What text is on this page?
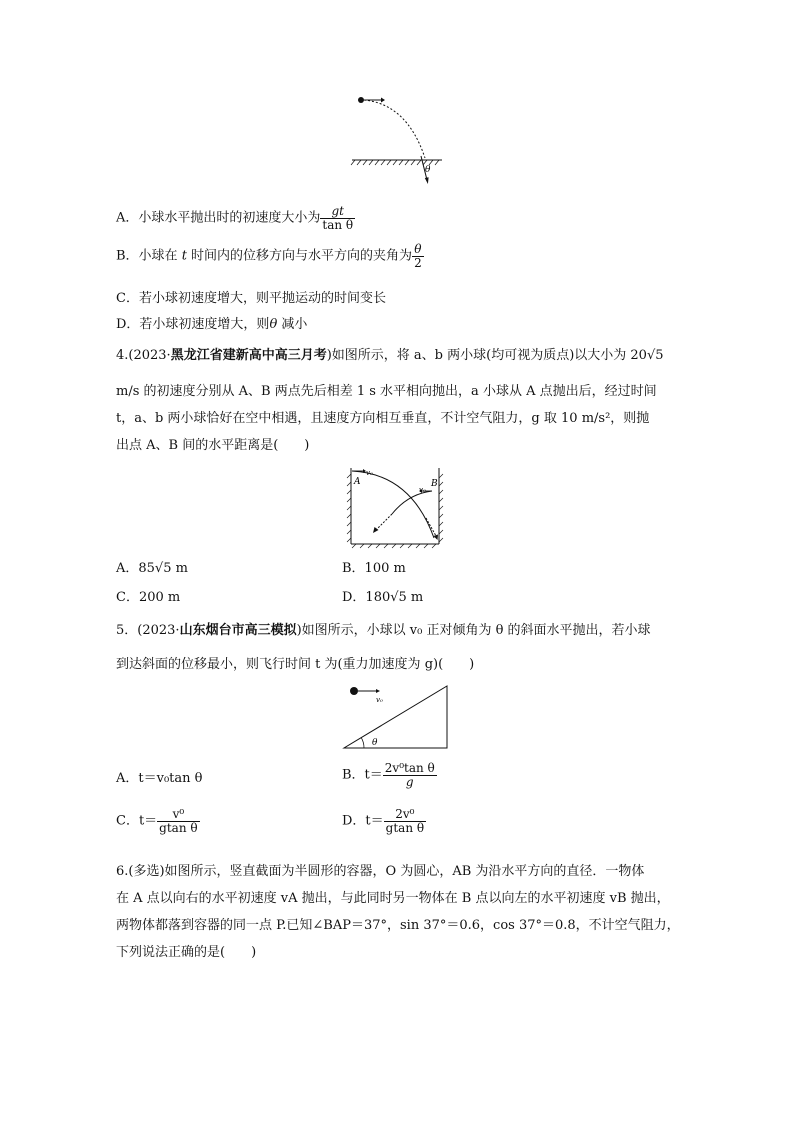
θ
A．小球水平抛出时的初速度大小为 $\frac{gt}{\text{tan θ}}$
B．小球在 t 时间内的位移方向与水平方向的夹角为 $\frac{\theta}{2}$
C．若小球初速度增大，则平抛运动的时间变长
D．若小球初速度增大，则θ 减小
4.(2023·黑龙江省建新高中高三月考)如图所示，将 a、b 两小球(均可视为质点)以大小为 20√5
m/s 的初速度分别从 A、B 两点先后相差 1 s 水平相向抛出，a 小球从 A 点抛出后，经过时间
t，a、b 两小球恰好在空中相遇，且速度方向相互垂直，不计空气阻力，g 取 10 m/s²，则抛
出点 A、B 间的水平距离是(　　)
A	B
v₀
v₀
A．85√5 m	B．100 m
C．200 m	D．180√5 m
5．(2023·山东烟台市高三模拟)如图所示，小球以 v₀ 正对倾角为 θ 的斜面水平抛出，若小球
到达斜面的位移最小，则飞行时间 t 为(重力加速度为 g)(　　)
v₀
θ
A．t＝v₀tan θ	B．$t= \frac{\text{2v⁰tan θ}}{g}$
C．$t= \frac{\text{v⁰}}{\text{gtan θ}}$	D．$t= \frac{\text{2v⁰}}{\text{gtan θ}}$
6.(多选)如图所示，竖直截面为半圆形的容器，O 为圆心，AB 为沿水平方向的直径．一物体
在 A 点以向右的水平初速度 vA 抛出，与此同时另一物体在 B 点以向左的水平初速度 vB 抛出，
两物体都落到容器的同一点 P.已知∠BAP＝37°，sin 37°＝0.6，cos 37°＝0.8，不计空气阻力，
下列说法正确的是(　　)
